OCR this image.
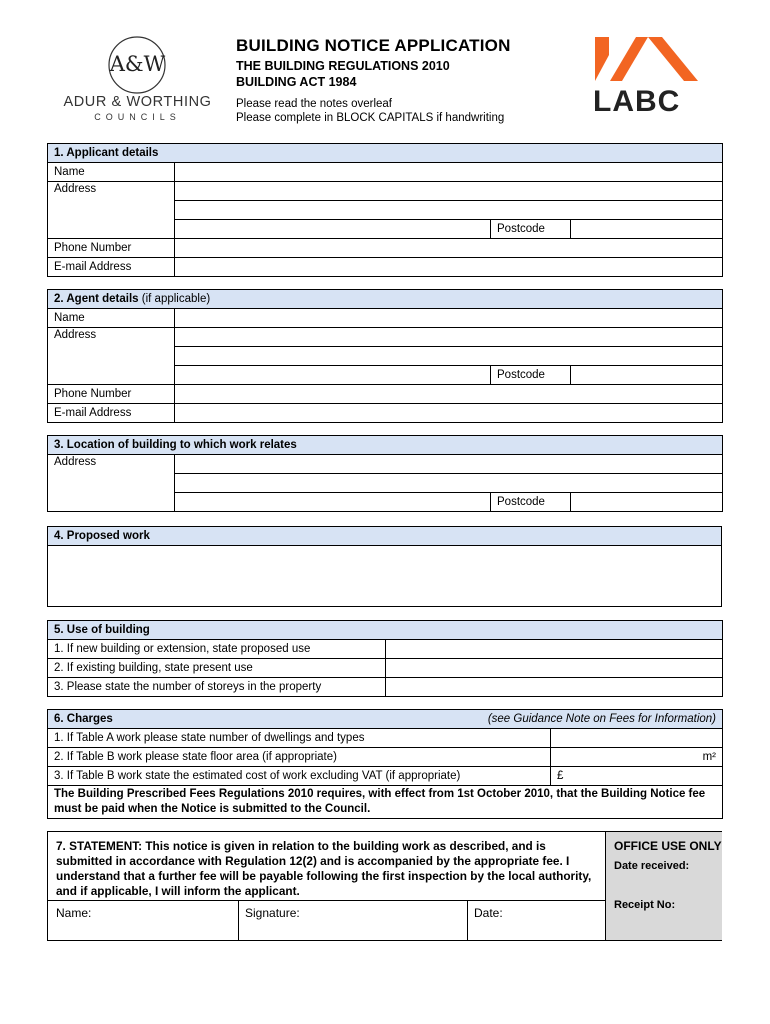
A&W
ADUR & WORTHING
COUNCILS
BUILDING NOTICE APPLICATION
THE BUILDING REGULATIONS 2010
BUILDING ACT 1984
Please read the notes overleaf
Please complete in BLOCK CAPITALS if handwriting	LABC
1. Applicant details			
Name			
Address			

		Postcode	
Phone Number			
E-mail Address			
2. Agent details (if applicable)			
Name			
Address			

		Postcode	
Phone Number			
E-mail Address			
3. Location of building to which work relates			
Address			

		Postcode	
4. Proposed work

5. Use of building	
1. If new building or extension, state proposed use	
2. If existing building, state present use	
3. Please state the number of storeys in the property	
6. Charges (see Guidance Note on Fees for Information)	

1. If Table A work please state number of dwellings and types	
2. If Table B work please state floor area (if appropriate)	m²
3. If Table B work state the estimated cost of work excluding VAT (if appropriate)	£
The Building Prescribed Fees Regulations 2010 requires, with effect from 1st October 2010, that the Building Notice fee must be paid when the Notice is submitted to the Council.	
7. STATEMENT: This notice is given in relation to the building work as described, and is submitted in accordance with Regulation 12(2) and is accompanied by the appropriate fee. I understand that a further fee will be payable following the first inspection by the local authority, and if applicable, I will inform the applicant.
Name:	Signature:	Date:
OFFICE USE ONLY
Date received:
Receipt No:
